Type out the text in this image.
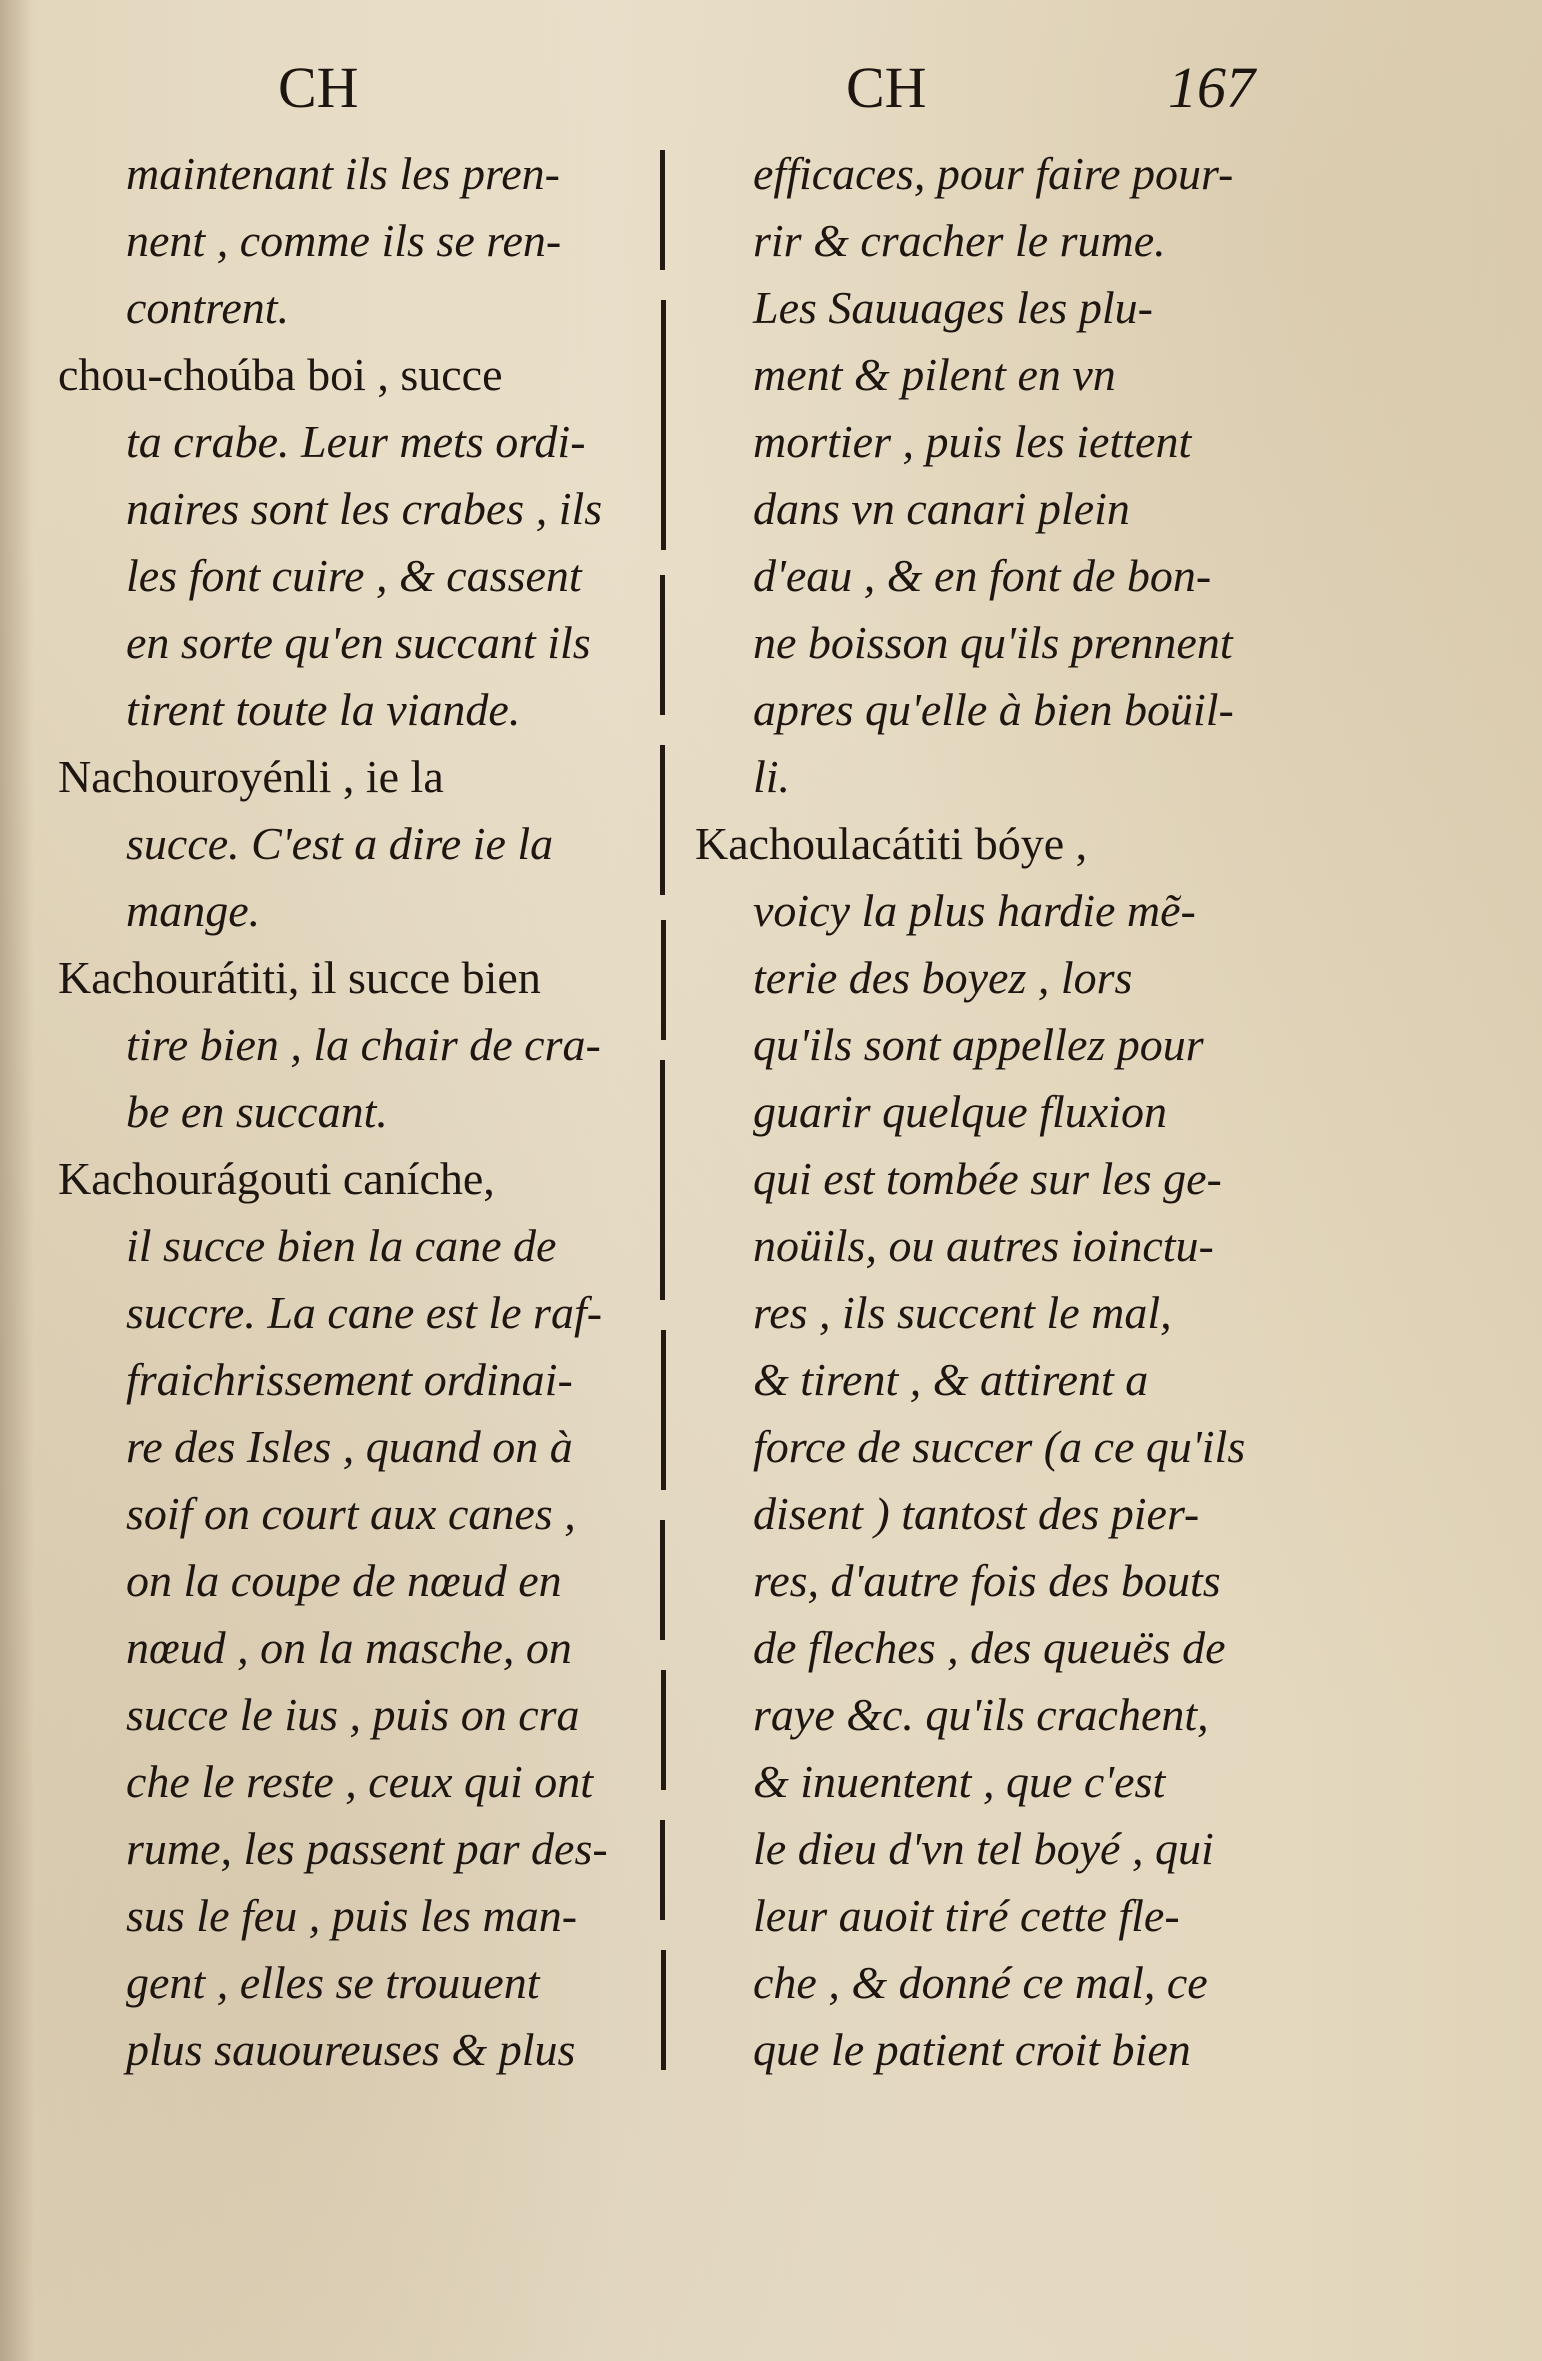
CH	CH	167
maintenant ils les pren-
nent , comme ils se ren-
contrent.
chou-choúba boi , succe
ta crabe. Leur mets ordi-
naires sont les crabes , ils
les font cuire , & cassent
en sorte qu'en succant ils
tirent toute la viande.
Nachouroyénli , ie la
succe. C'est a dire ie la
mange.
Kachourátiti, il succe bien
tire bien , la chair de cra-
be en succant.
Kachourágouti caníche,
il succe bien la cane de
succre. La cane est le raf-
fraichrissement ordinai-
re des Isles , quand on à
soif on court aux canes ,
on la coupe de nœud en
nœud , on la masche, on
succe le ius , puis on cra
che le reste , ceux qui ont
rume, les passent par des-
sus le feu , puis les man-
gent , elles se trouuent
plus sauoureuses & plus
efficaces, pour faire pour-
rir & cracher le rume.
Les Sauuages les plu-
ment & pilent en vn
mortier , puis les iettent
dans vn canari plein
d'eau , & en font de bon-
ne boisson qu'ils prennent
apres qu'elle à bien boüil-
li.
Kachoulacátiti bóye ,
voicy la plus hardie mẽ-
terie des boyez , lors
qu'ils sont appellez pour
guarir quelque fluxion
qui est tombée sur les ge-
noüils, ou autres ioinctu-
res , ils succent le mal,
& tirent , & attirent a
force de succer (a ce qu'ils
disent ) tantost des pier-
res, d'autre fois des bouts
de fleches , des queuës de
raye &c. qu'ils crachent,
& inuentent , que c'est
le dieu d'vn tel boyé , qui
leur auoit tiré cette fle-
che , & donné ce mal, ce
que le patient croit bien
